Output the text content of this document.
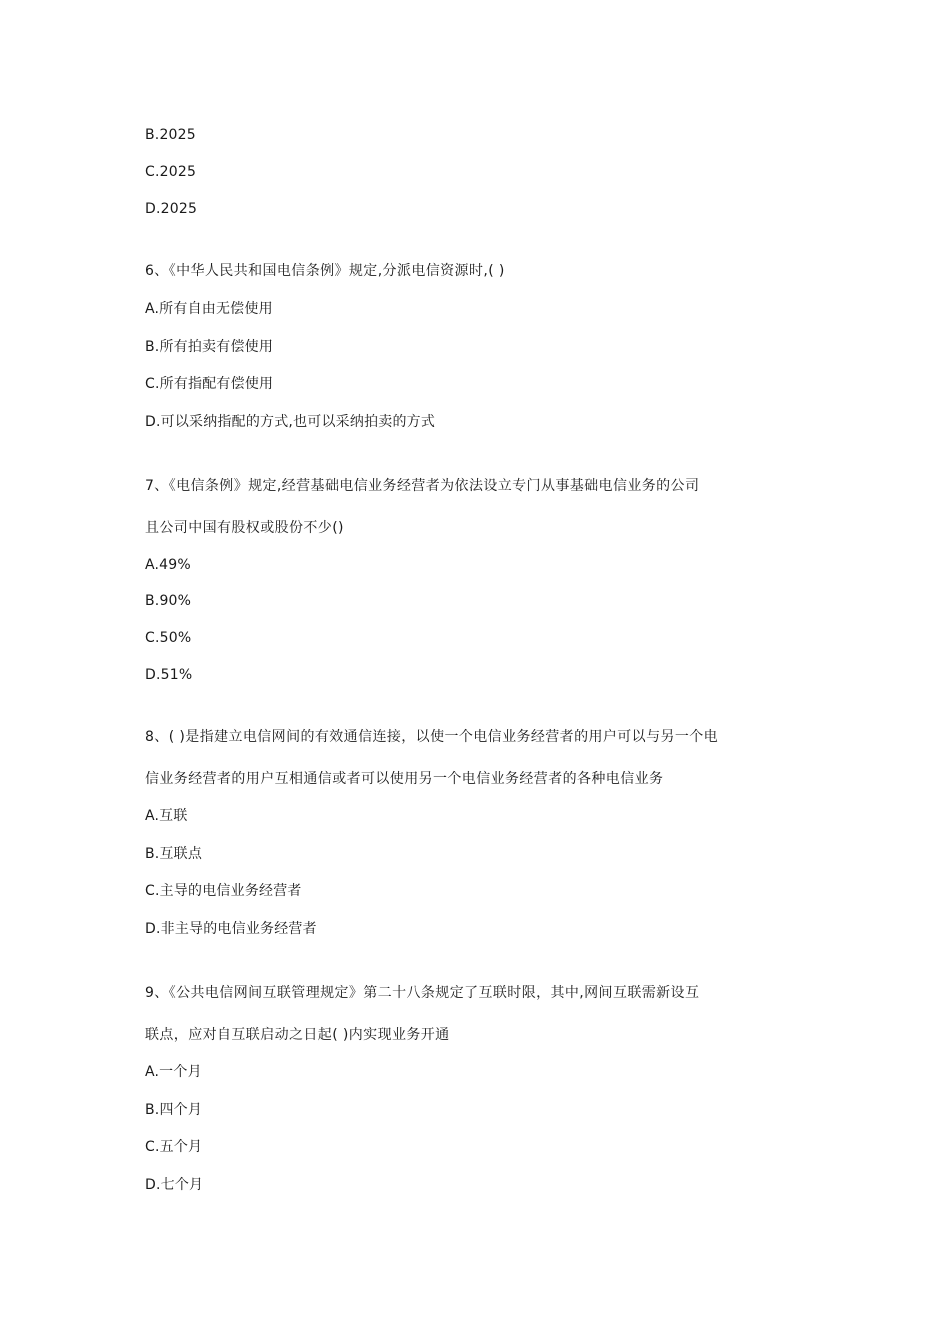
B.2025
C.2025
D.2025
6、《中华人民共和国电信条例》规定,分派电信资源时,( )
A.所有自由无偿使用
B.所有拍卖有偿使用
C.所有指配有偿使用
D.可以采纳指配的方式,也可以采纳拍卖的方式
7、《电信条例》规定,经营基础电信业务经营者为依法设立专门从事基础电信业务的公司
且公司中国有股权或股份不少()
A.49%
B.90%
C.50%
D.51%
8、( )是指建立电信网间的有效通信连接，以使一个电信业务经营者的用户可以与另一个电
信业务经营者的用户互相通信或者可以使用另一个电信业务经营者的各种电信业务
A.互联
B.互联点
C.主导的电信业务经营者
D.非主导的电信业务经营者
9、《公共电信网间互联管理规定》第二十八条规定了互联时限，其中,网间互联需新设互
联点，应对自互联启动之日起( )内实现业务开通
A.一个月
B.四个月
C.五个月
D.七个月
